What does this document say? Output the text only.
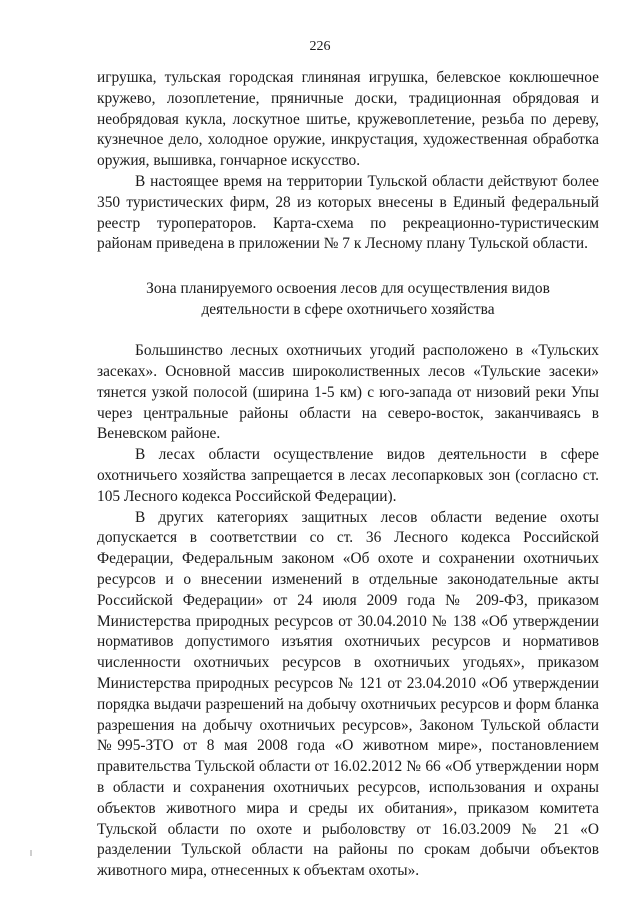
226

игрушка, тульская городская глиняная игрушка, белевское коклюшечное кружево, лозоплетение, пряничные доски, традиционная обрядовая и необрядовая кукла, лоскутное шитье, кружевоплетение, резьба по дереву, кузнечное дело, холодное оружие, инкрустация, художественная обработка оружия, вышивка, гончарное искусство.

В настоящее время на территории Тульской области действуют более 350 туристических фирм, 28 из которых внесены в Единый федеральный реестр туроператоров. Карта-схема по рекреационно-туристическим районам приведена в приложении № 7 к Лесному плану Тульской области.

Зона планируемого освоения лесов для осуществления видов деятельности в сфере охотничьего хозяйства

Большинство лесных охотничьих угодий расположено в «Тульских засеках». Основной массив широколиственных лесов «Тульские засеки» тянется узкой полосой (ширина 1-5 км) с юго-запада от низовий реки Упы через центральные районы области на северо-восток, заканчиваясь в Веневском районе.

В лесах области осуществление видов деятельности в сфере охотничьего хозяйства запрещается в лесах лесопарковых зон (согласно ст. 105 Лесного кодекса Российской Федерации).

В других категориях защитных лесов области ведение охоты допускается в соответствии со ст. 36 Лесного кодекса Российской Федерации, Федеральным законом «Об охоте и сохранении охотничьих ресурсов и о внесении изменений в отдельные законодательные акты Российской Федерации» от 24 июля 2009 года № 209-ФЗ, приказом Министерства природных ресурсов от 30.04.2010 № 138 «Об утверждении нормативов допустимого изъятия охотничьих ресурсов и нормативов численности охотничьих ресурсов в охотничьих угодьях», приказом Министерства природных ресурсов № 121 от 23.04.2010 «Об утверждении порядка выдачи разрешений на добычу охотничьих ресурсов и форм бланка разрешения на добычу охотничьих ресурсов», Законом Тульской области №995-ЗТО от 8 мая 2008 года «О животном мире», постановлением правительства Тульской области от 16.02.2012 № 66 «Об утверждении норм в области и сохранения охотничьих ресурсов, использования и охраны объектов животного мира и среды их обитания», приказом комитета Тульской области по охоте и рыболовству от 16.03.2009 № 21 «О разделении Тульской области на районы по срокам добычи объектов животного мира, отнесенных к объектам охоты».
